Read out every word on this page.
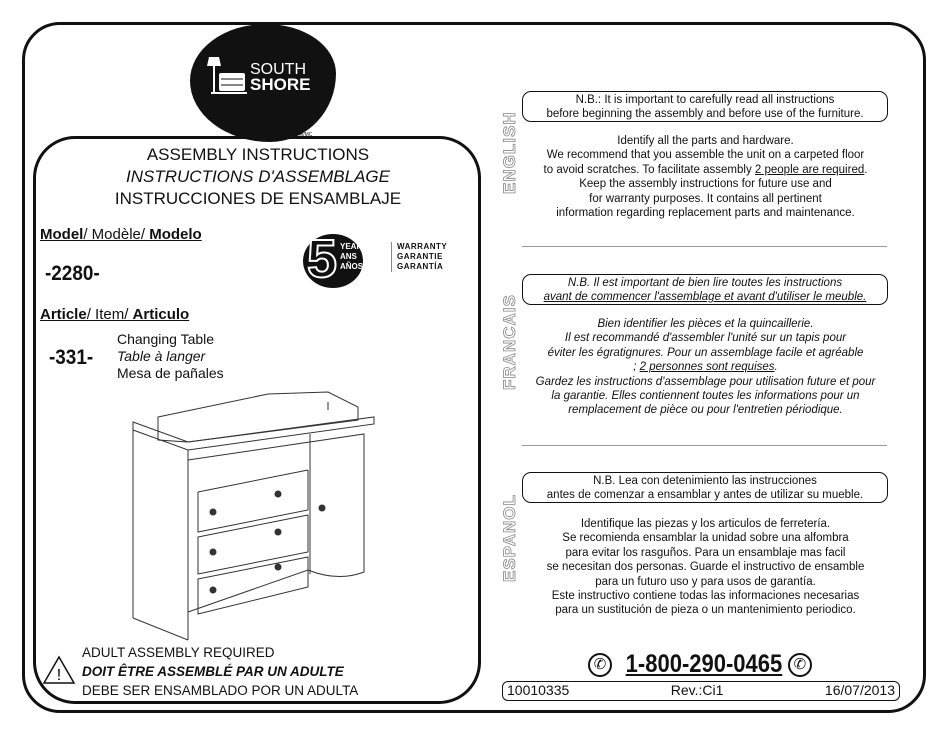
SOUTH
SHORE
TM/MC
ASSEMBLY INSTRUCTIONS
INSTRUCTIONS D'ASSEMBLAGE
INSTRUCCIONES DE ENSAMBLAJE
Model/ Modèle/ Modelo
-2280-	5 YEARS
ANS
AÑOS
WARRANTY
GARANTIE
GARANTÍA
Article/ Item/ Articulo
-331-
Changing Table
Table à langer
Mesa de pañales
!
ADULT ASSEMBLY REQUIRED
DOIT ÊTRE ASSEMBLÉ PAR UN ADULTE
DEBE SER ENSAMBLADO POR UN ADULTA
ENGLISH
N.B.: It is important to carefully read all instructions
before beginning the assembly and before use of the furniture.
Identify all the parts and hardware.
We recommend that you assemble the unit on a carpeted floor
to avoid scratches. To facilitate assembly 2 people are required.
Keep the assembly instructions for future use and
for warranty purposes. It contains all pertinent
information regarding replacement parts and maintenance.
FRANCAIS
N.B. Il est important de bien lire toutes les instructions
avant de commencer l'assemblage et avant d'utiliser le meuble.
Bien identifier les pièces et la quincaillerie.
Il est recommandé d'assembler l'unité sur un tapis pour
éviter les égratignures. Pour un assemblage facile et agréable
; 2 personnes sont requises.
Gardez les instructions d'assemblage pour utilisation future et pour
la garantie. Elles contiennent toutes les informations pour un
remplacement de pièce ou pour l'entretien périodique.
ESPANOL
N.B. Lea con detenimiento las instrucciones
antes de comenzar a ensamblar y antes de utilizar su mueble.
Identifique las piezas y los articulos de ferretería.
Se recomienda ensamblar la unidad sobre una alfombra
para evitar los rasguños. Para un ensamblaje mas facil
se necesitan dos personas. Guarde el instructivo de ensamble
para un futuro uso y para usos de garantía.
Este instructivo contiene todas las informaciones necesarias
para un sustitución de pieza o un mantenimiento periodico.
✆ 1-800-290-0465 ✆
10010335	Rev.:Ci1	16/07/2013
